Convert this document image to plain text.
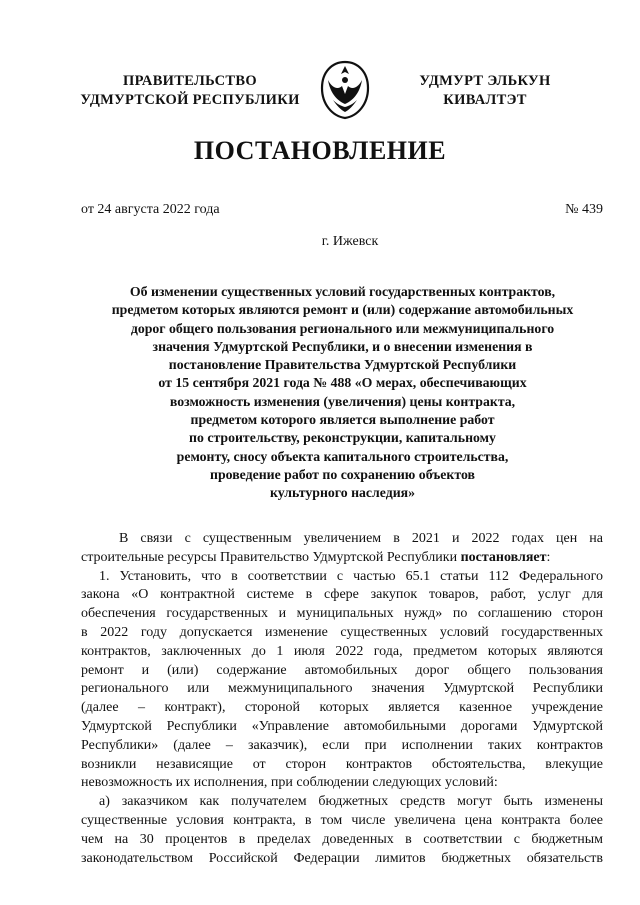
ПРАВИТЕЛЬСТВО
УДМУРТСКОЙ РЕСПУБЛИКИ
УДМУРТ ЭЛЬКУН
КИВАЛТЭТ
ПОСТАНОВЛЕНИЕ
от 24 августа 2022 года	№ 439
г. Ижевск
Об изменении существенных условий государственных контрактов,
предметом которых являются ремонт и (или) содержание автомобильных
дорог общего пользования регионального или межмуниципального
значения Удмуртской Республики, и о внесении изменения в
постановление Правительства Удмуртской Республики
от 15 сентября 2021 года № 488 «О мерах, обеспечивающих
возможность изменения (увеличения) цены контракта,
предметом которого является выполнение работ
по строительству, реконструкции, капитальному
ремонту, сносу объекта капитального строительства,
проведение работ по сохранению объектов
культурного наследия»
В связи с существенным увеличением в 2021 и 2022 годах цен на
строительные ресурсы Правительство Удмуртской Республики постановляет:
1. Установить, что в соответствии с частью 65.1 статьи 112 Федерального
закона «О контрактной системе в сфере закупок товаров, работ, услуг для
обеспечения государственных и муниципальных нужд» по соглашению сторон
в 2022 году допускается изменение существенных условий государственных
контрактов, заключенных до 1 июля 2022 года, предметом которых являются
ремонт и (или) содержание автомобильных дорог общего пользования
регионального или межмуниципального значения Удмуртской Республики
(далее – контракт), стороной которых является казенное учреждение
Удмуртской Республики «Управление автомобильными дорогами Удмуртской
Республики» (далее – заказчик), если при исполнении таких контрактов
возникли независящие от сторон контрактов обстоятельства, влекущие
невозможность их исполнения, при соблюдении следующих условий:
а) заказчиком как получателем бюджетных средств могут быть изменены
существенные условия контракта, в том числе увеличена цена контракта более
чем на 30 процентов в пределах доведенных в соответствии с бюджетным
законодательством Российской Федерации лимитов бюджетных обязательств
